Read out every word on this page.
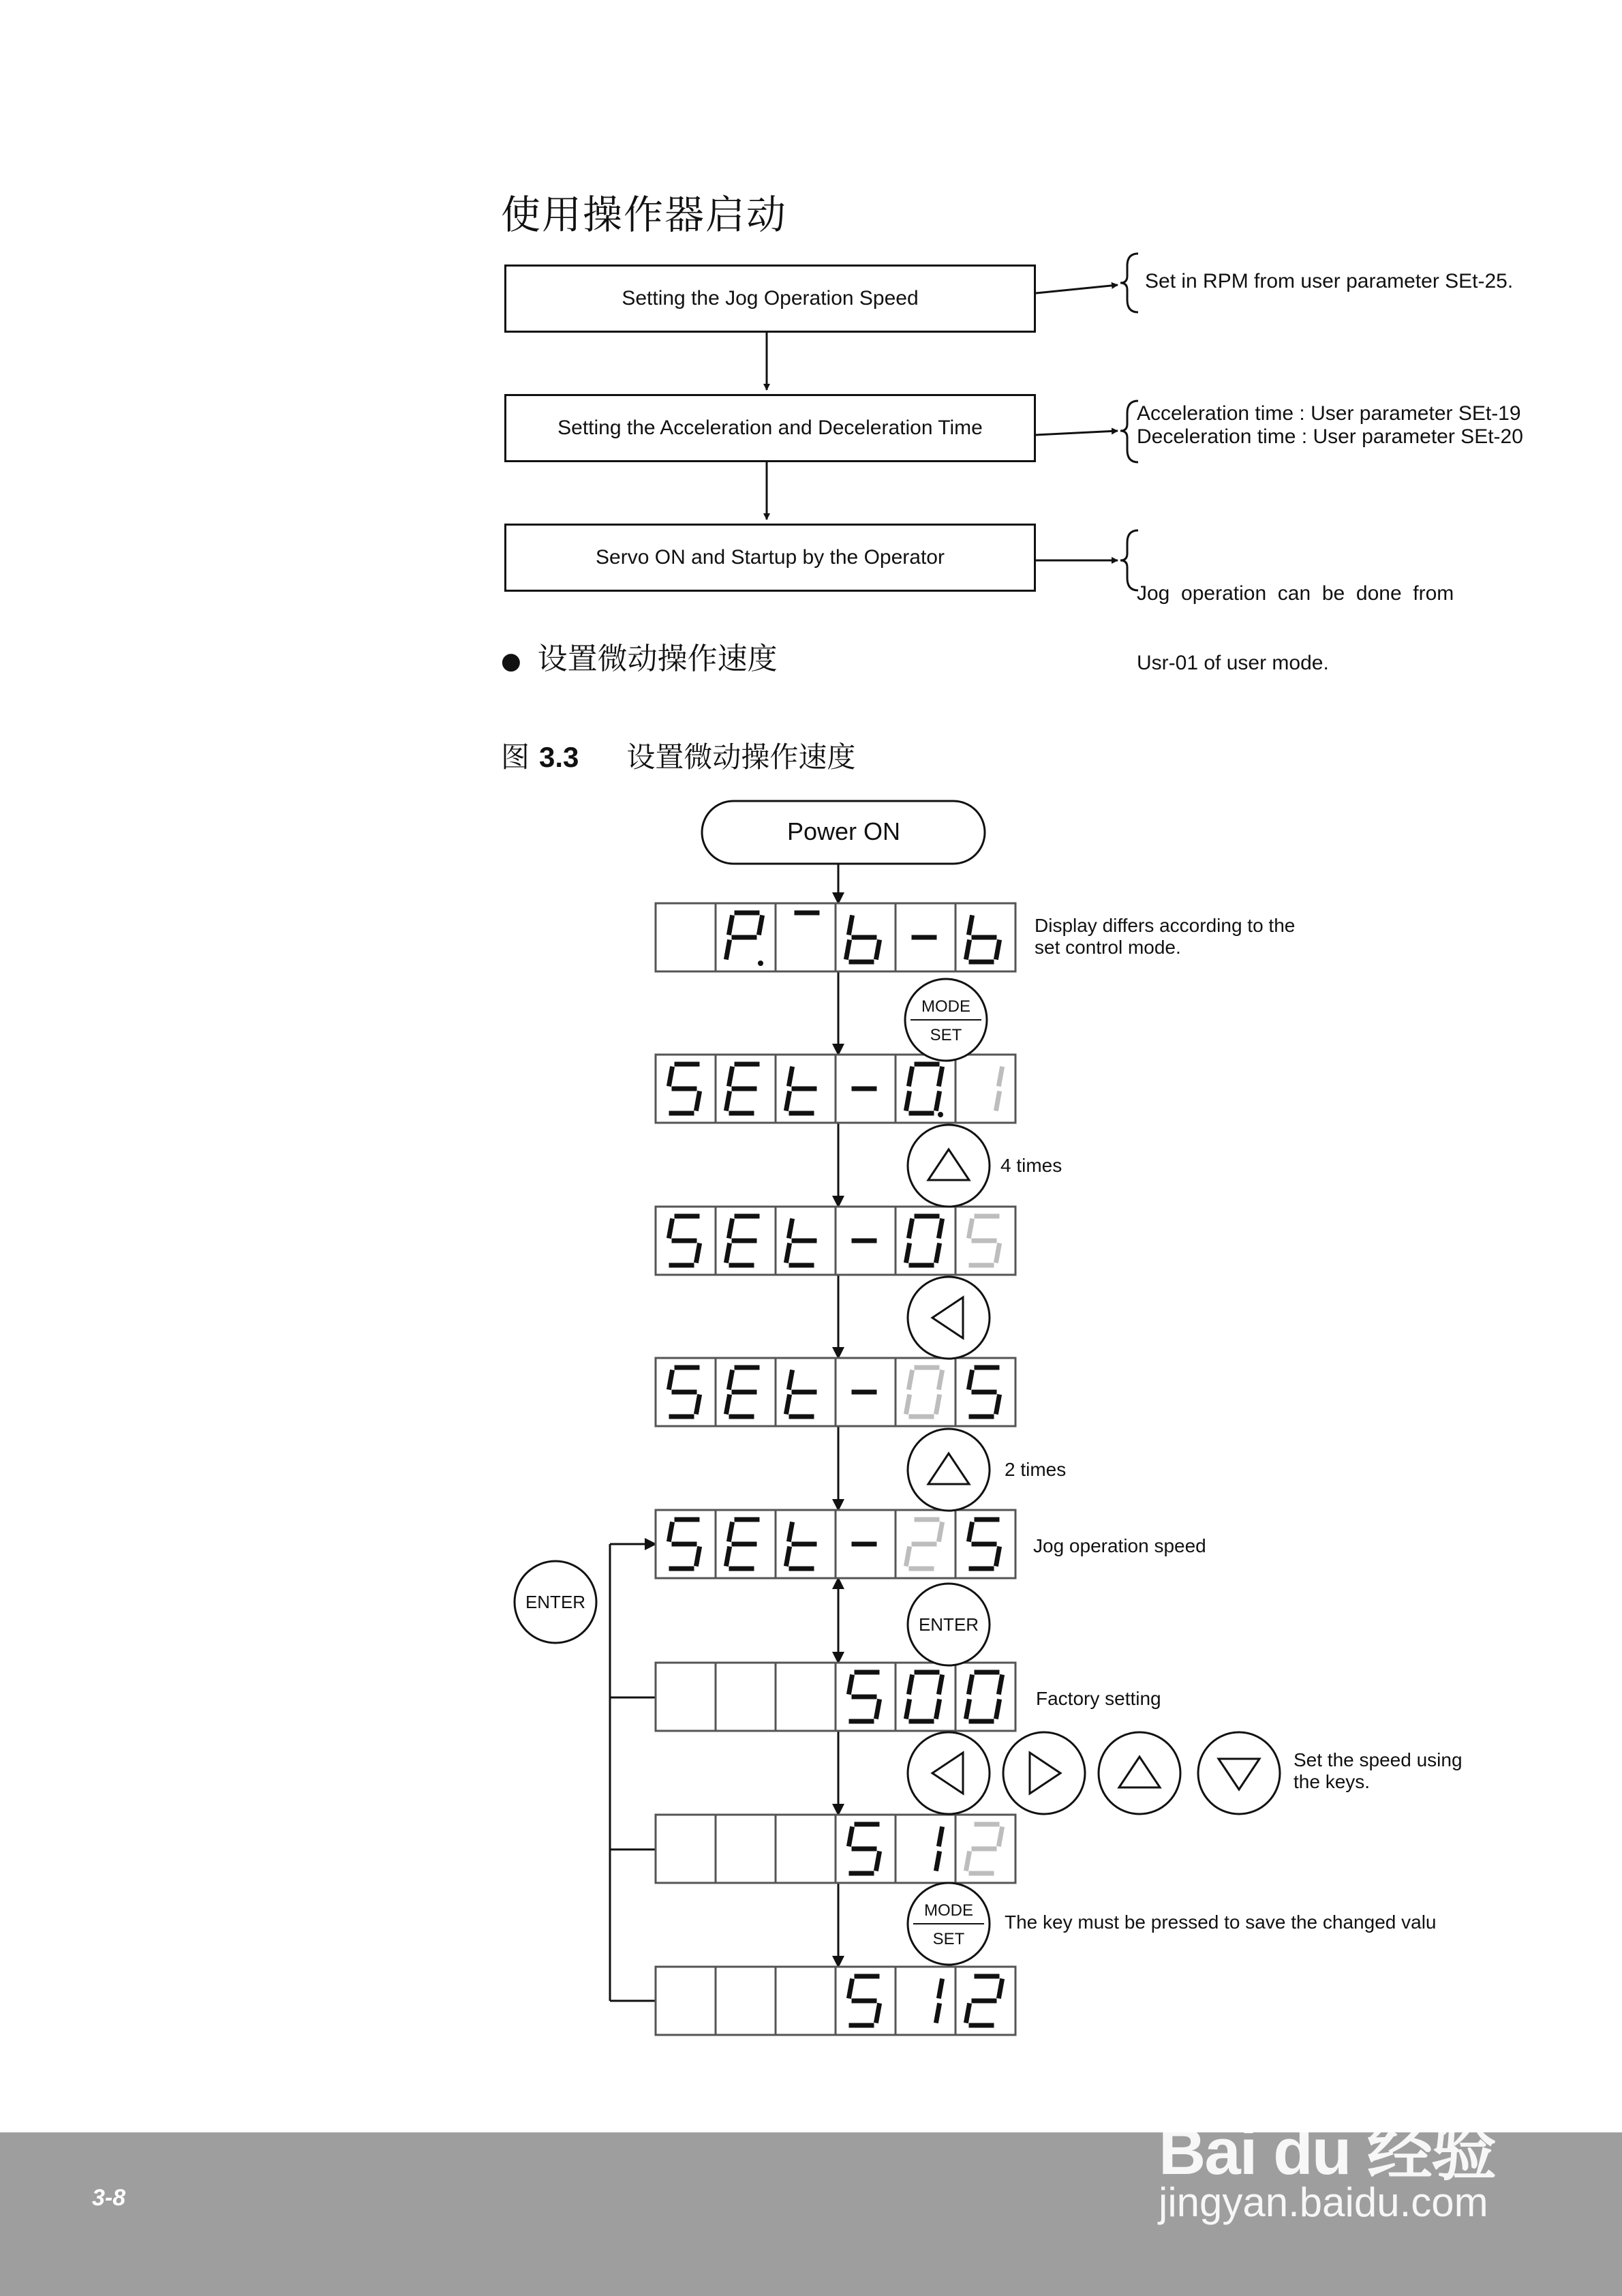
使用操作器启动
Setting the Jog Operation Speed
Setting the Acceleration and Deceleration Time
Servo ON and Startup by the Operator
Set in RPM from user parameter SEt-25.
Acceleration time : User parameter SEt-19
Deceleration time : User parameter SEt-20

Jog  operation  can  be  done  from

Usr-01 of user mode.

● 设置微动操作速度
图 3.3 设置微动操作速度
MODE
SET
ENTER
ENTER
MODE
SET
Power ON
Display differs according to the
set control mode.
4 times
2 times
Jog operation speed
Factory setting
Set the speed using
the keys.
The key must be pressed to save the changed valu
3-8
Bai du 经验
jingyan.baidu.com
